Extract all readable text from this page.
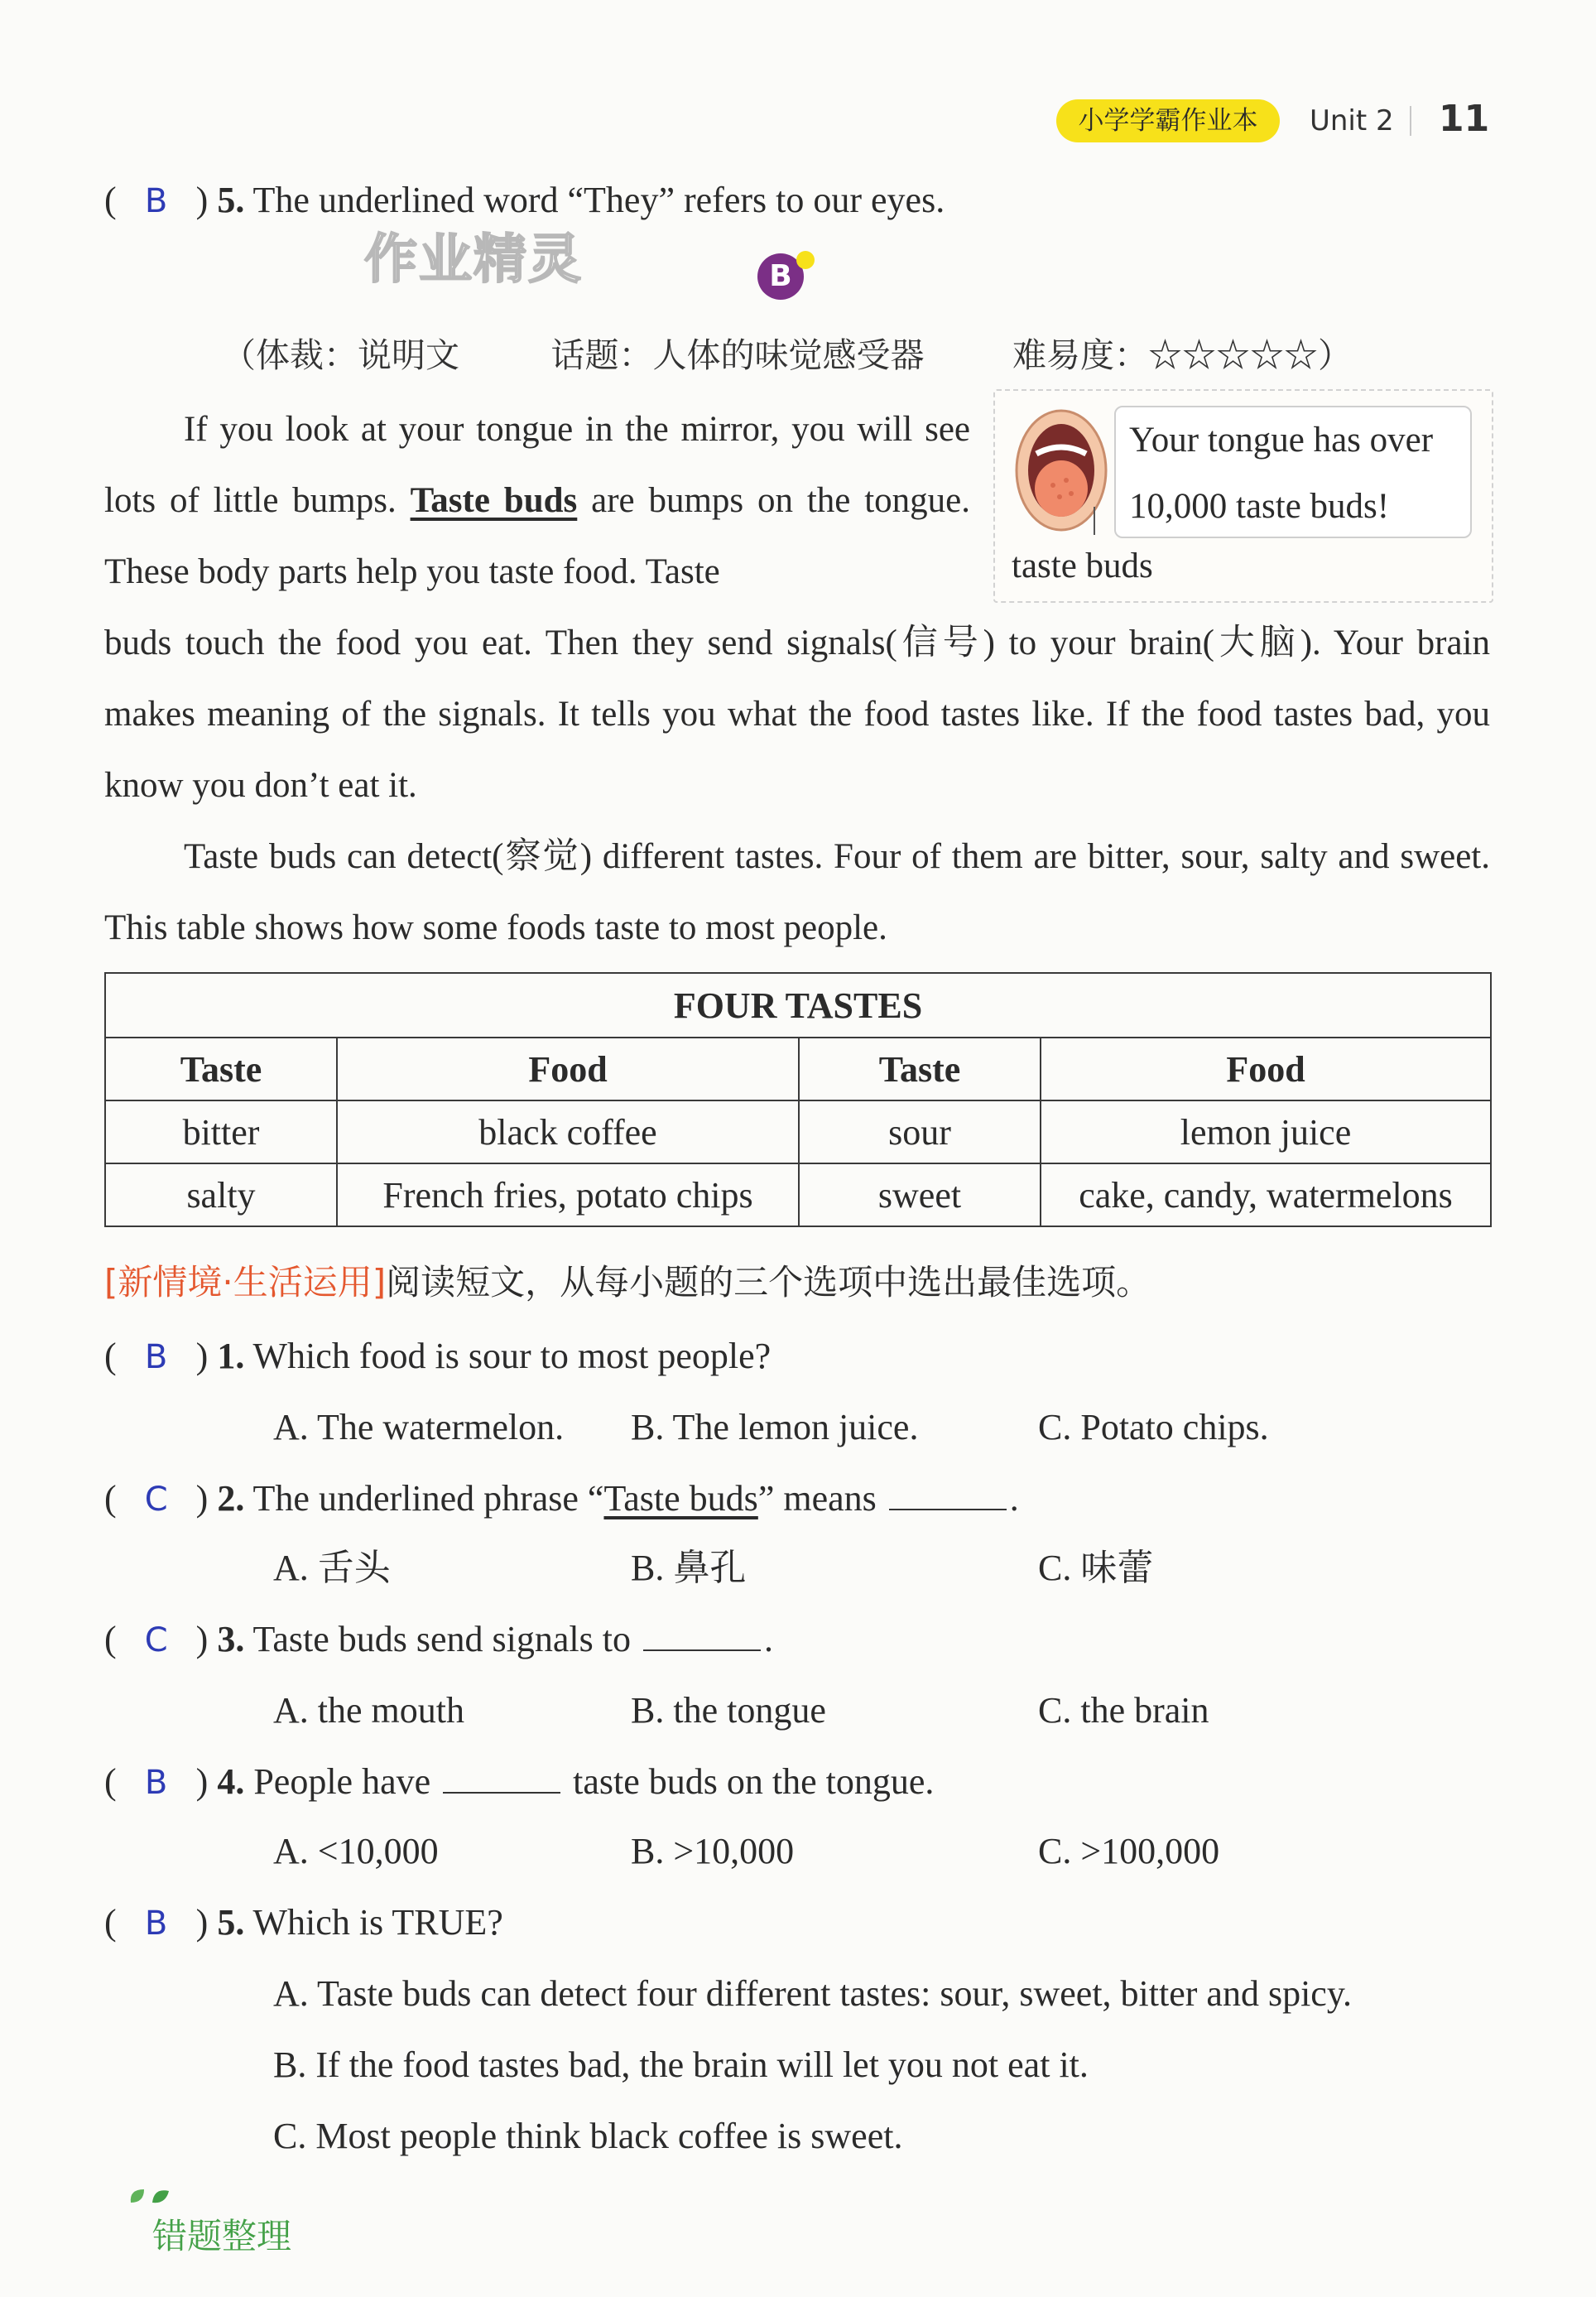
小学学霸作业本	Unit 2 11
( B ) 5. The underlined word “They” refers to our eyes.
作业精灵	B
（体裁：说明文	话题：人体的味觉感受器	难易度：☆☆☆☆☆）
If you look at your tongue in the mirror, you will see lots of little bumps. Taste buds are bumps on the tongue. These body parts help you taste food. Taste
buds touch the food you eat. Then they send signals(信号) to your brain(大脑). Your brain makes meaning of the signals. It tells you what the food tastes like. If the food tastes bad, you know you don’t eat it.
Taste buds can detect(察觉) different tastes. Four of them are bitter, sour, salty and sweet. This table shows how some foods taste to most people.
Your tongue has over
10,000 taste buds!
taste buds
FOUR TASTES			
Taste	Food	Taste	Food
bitter	black coffee	sour	lemon juice
salty	French fries, potato chips	sweet	cake, candy, watermelons
[新情境·生活运用]阅读短文，从每小题的三个选项中选出最佳选项。
( B ) 1. Which food is sour to most people?
A. The watermelon. B. The lemon juice.	C. Potato chips.
( C ) 2. The underlined phrase “Taste buds” means	.
A. 舌头	B. 鼻孔	C. 味蕾
( C ) 3. Taste buds send signals to	.
A. the mouth	B. the tongue	C. the brain
( B ) 4. People have	taste buds on the tongue.
A. <10,000	B. >10,000	C. >100,000
( B ) 5. Which is TRUE?
A. Taste buds can detect four different tastes: sour, sweet, bitter and spicy.
B. If the food tastes bad, the brain will let you not eat it.
C. Most people think black coffee is sweet.
错题整理
